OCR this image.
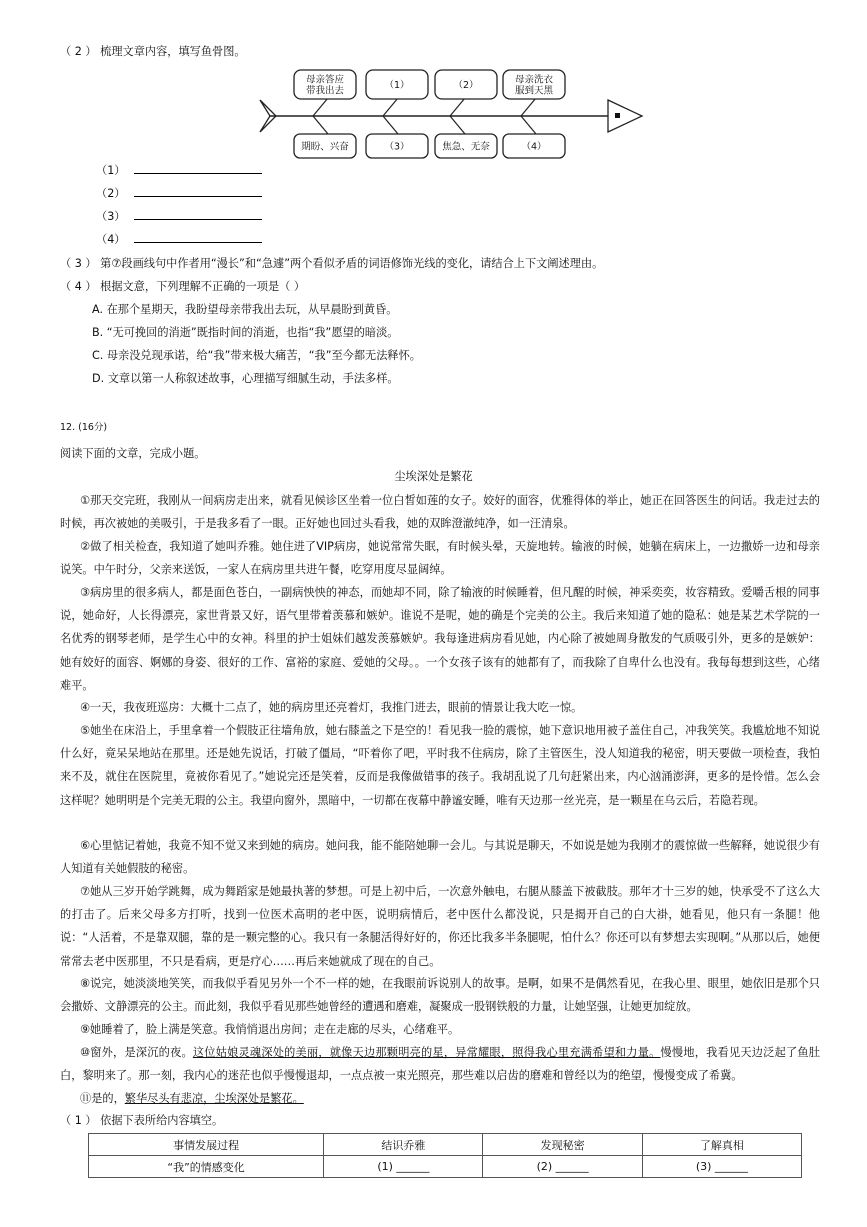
（ 2 ） 梳理文章内容，填写鱼骨图。
母亲答应
带我出去	（1）	（2）	母亲洗衣
服到天黑
期盼、兴奋	（3）	焦急、无奈	（4）
（1）
（2）
（3）
（4）
（ 3 ） 第⑦段画线句中作者用“漫长”和“急遽”两个看似矛盾的词语修饰光线的变化，请结合上下文阐述理由。
（ 4 ） 根据文意，下列理解不正确的一项是（ ）
A. 在那个星期天，我盼望母亲带我出去玩，从早晨盼到黄昏。
B. “无可挽回的消逝”既指时间的消逝，也指“我”愿望的暗淡。
C. 母亲没兑现承诺，给“我”带来极大痛苦，“我”至今都无法释怀。
D. 文章以第一人称叙述故事，心理描写细腻生动，手法多样。
12. (16分)
阅读下面的文章，完成小题。
尘埃深处是繁花
①那天交完班，我刚从一间病房走出来，就看见候诊区坐着一位白皙如莲的女子。姣好的面容，优雅得体的举止，她正在回答医生的问话。我走过去的时候，再次被她的美吸引，于是我多看了一眼。正好她也回过头看我，她的双眸澄澈纯净，如一汪清泉。
②做了相关检查，我知道了她叫乔雅。她住进了VIP病房，她说常常失眠，有时候头晕，天旋地转。输液的时候，她躺在病床上，一边撒娇一边和母亲说笑。中午时分，父亲来送饭，一家人在病房里共进午餐，吃穿用度尽显阔绰。
③病房里的很多病人，都是面色苍白，一副病怏怏的神态，而她却不同，除了输液的时候睡着，但凡醒的时候，神采奕奕，妆容精致。爱嚼舌根的同事说，她命好，人长得漂亮，家世背景又好，语气里带着羡慕和嫉妒。谁说不是呢，她的确是个完美的公主。我后来知道了她的隐私：她是某艺术学院的一名优秀的钢琴老师，是学生心中的女神。科里的护士姐妹们越发羡慕嫉妒。我每逢进病房看见她，内心除了被她周身散发的气质吸引外，更多的是嫉妒：她有姣好的面容、婀娜的身姿、很好的工作、富裕的家庭、爱她的父母。。一个女孩子该有的她都有了，而我除了自卑什么也没有。我每每想到这些，心绪难平。
④一天，我夜班巡房：大概十二点了，她的病房里还亮着灯，我推门进去，眼前的情景让我大吃一惊。
⑤她坐在床沿上，手里拿着一个假肢正往墙角放，她右膝盖之下是空的！看见我一脸的震惊，她下意识地用被子盖住自己，冲我笑笑。我尴尬地不知说什么好，竟呆呆地站在那里。还是她先说话，打破了僵局，“吓着你了吧，平时我不住病房，除了主管医生，没人知道我的秘密，明天要做一项检查，我怕来不及，就住在医院里，竟被你看见了。”她说完还是笑着，反而是我像做错事的孩子。我胡乱说了几句赶紧出来，内心汹涌澎湃，更多的是怜惜。怎么会这样呢？她明明是个完美无瑕的公主。我望向窗外，黑暗中，一切都在夜幕中静谧安睡，唯有天边那一丝光亮，是一颗星在乌云后，若隐若现。
⑥心里惦记着她，我竟不知不觉又来到她的病房。她问我，能不能陪她聊一会儿。与其说是聊天，不如说是她为我刚才的震惊做一些解释，她说很少有人知道有关她假肢的秘密。
⑦她从三岁开始学跳舞，成为舞蹈家是她最执著的梦想。可是上初中后，一次意外触电，右腿从膝盖下被截肢。那年才十三岁的她，快承受不了这么大的打击了。后来父母多方打听，找到一位医术高明的老中医，说明病情后，老中医什么都没说，只是揭开自己的白大褂，她看见，他只有一条腿！他说：“人活着，不是靠双腿，靠的是一颗完整的心。我只有一条腿活得好好的，你还比我多半条腿呢，怕什么？你还可以有梦想去实现啊。”从那以后，她便常常去老中医那里，不只是看病，更是疗心……再后来她就成了现在的自己。
⑧说完，她淡淡地笑笑，而我似乎看见另外一个不一样的她，在我眼前诉说别人的故事。是啊，如果不是偶然看见，在我心里、眼里，她依旧是那个只会撒娇、文静漂亮的公主。而此刻，我似乎看见那些她曾经的遭遇和磨难，凝聚成一股钢铁般的力量，让她坚强，让她更加绽放。
⑨她睡着了，脸上满是笑意。我悄悄退出房间；走在走廊的尽头，心绪难平。
⑩窗外，是深沉的夜。这位姑娘灵魂深处的美丽，就像天边那颗明亮的星，异常耀眼，照得我心里充满希望和力量。慢慢地，我看见天边泛起了鱼肚白，黎明来了。那一刻，我内心的迷茫也似乎慢慢退却，一点点被一束光照亮，那些难以启齿的磨难和曾经以为的绝望，慢慢变成了希冀。
⑪是的，繁华尽头有悲凉，尘埃深处是繁花。
（ 1 ） 依据下表所给内容填空。
事情发展过程	结识乔雅	发现秘密	了解真相
“我”的情感变化	(1) ______	(2) ______	(3) ______
